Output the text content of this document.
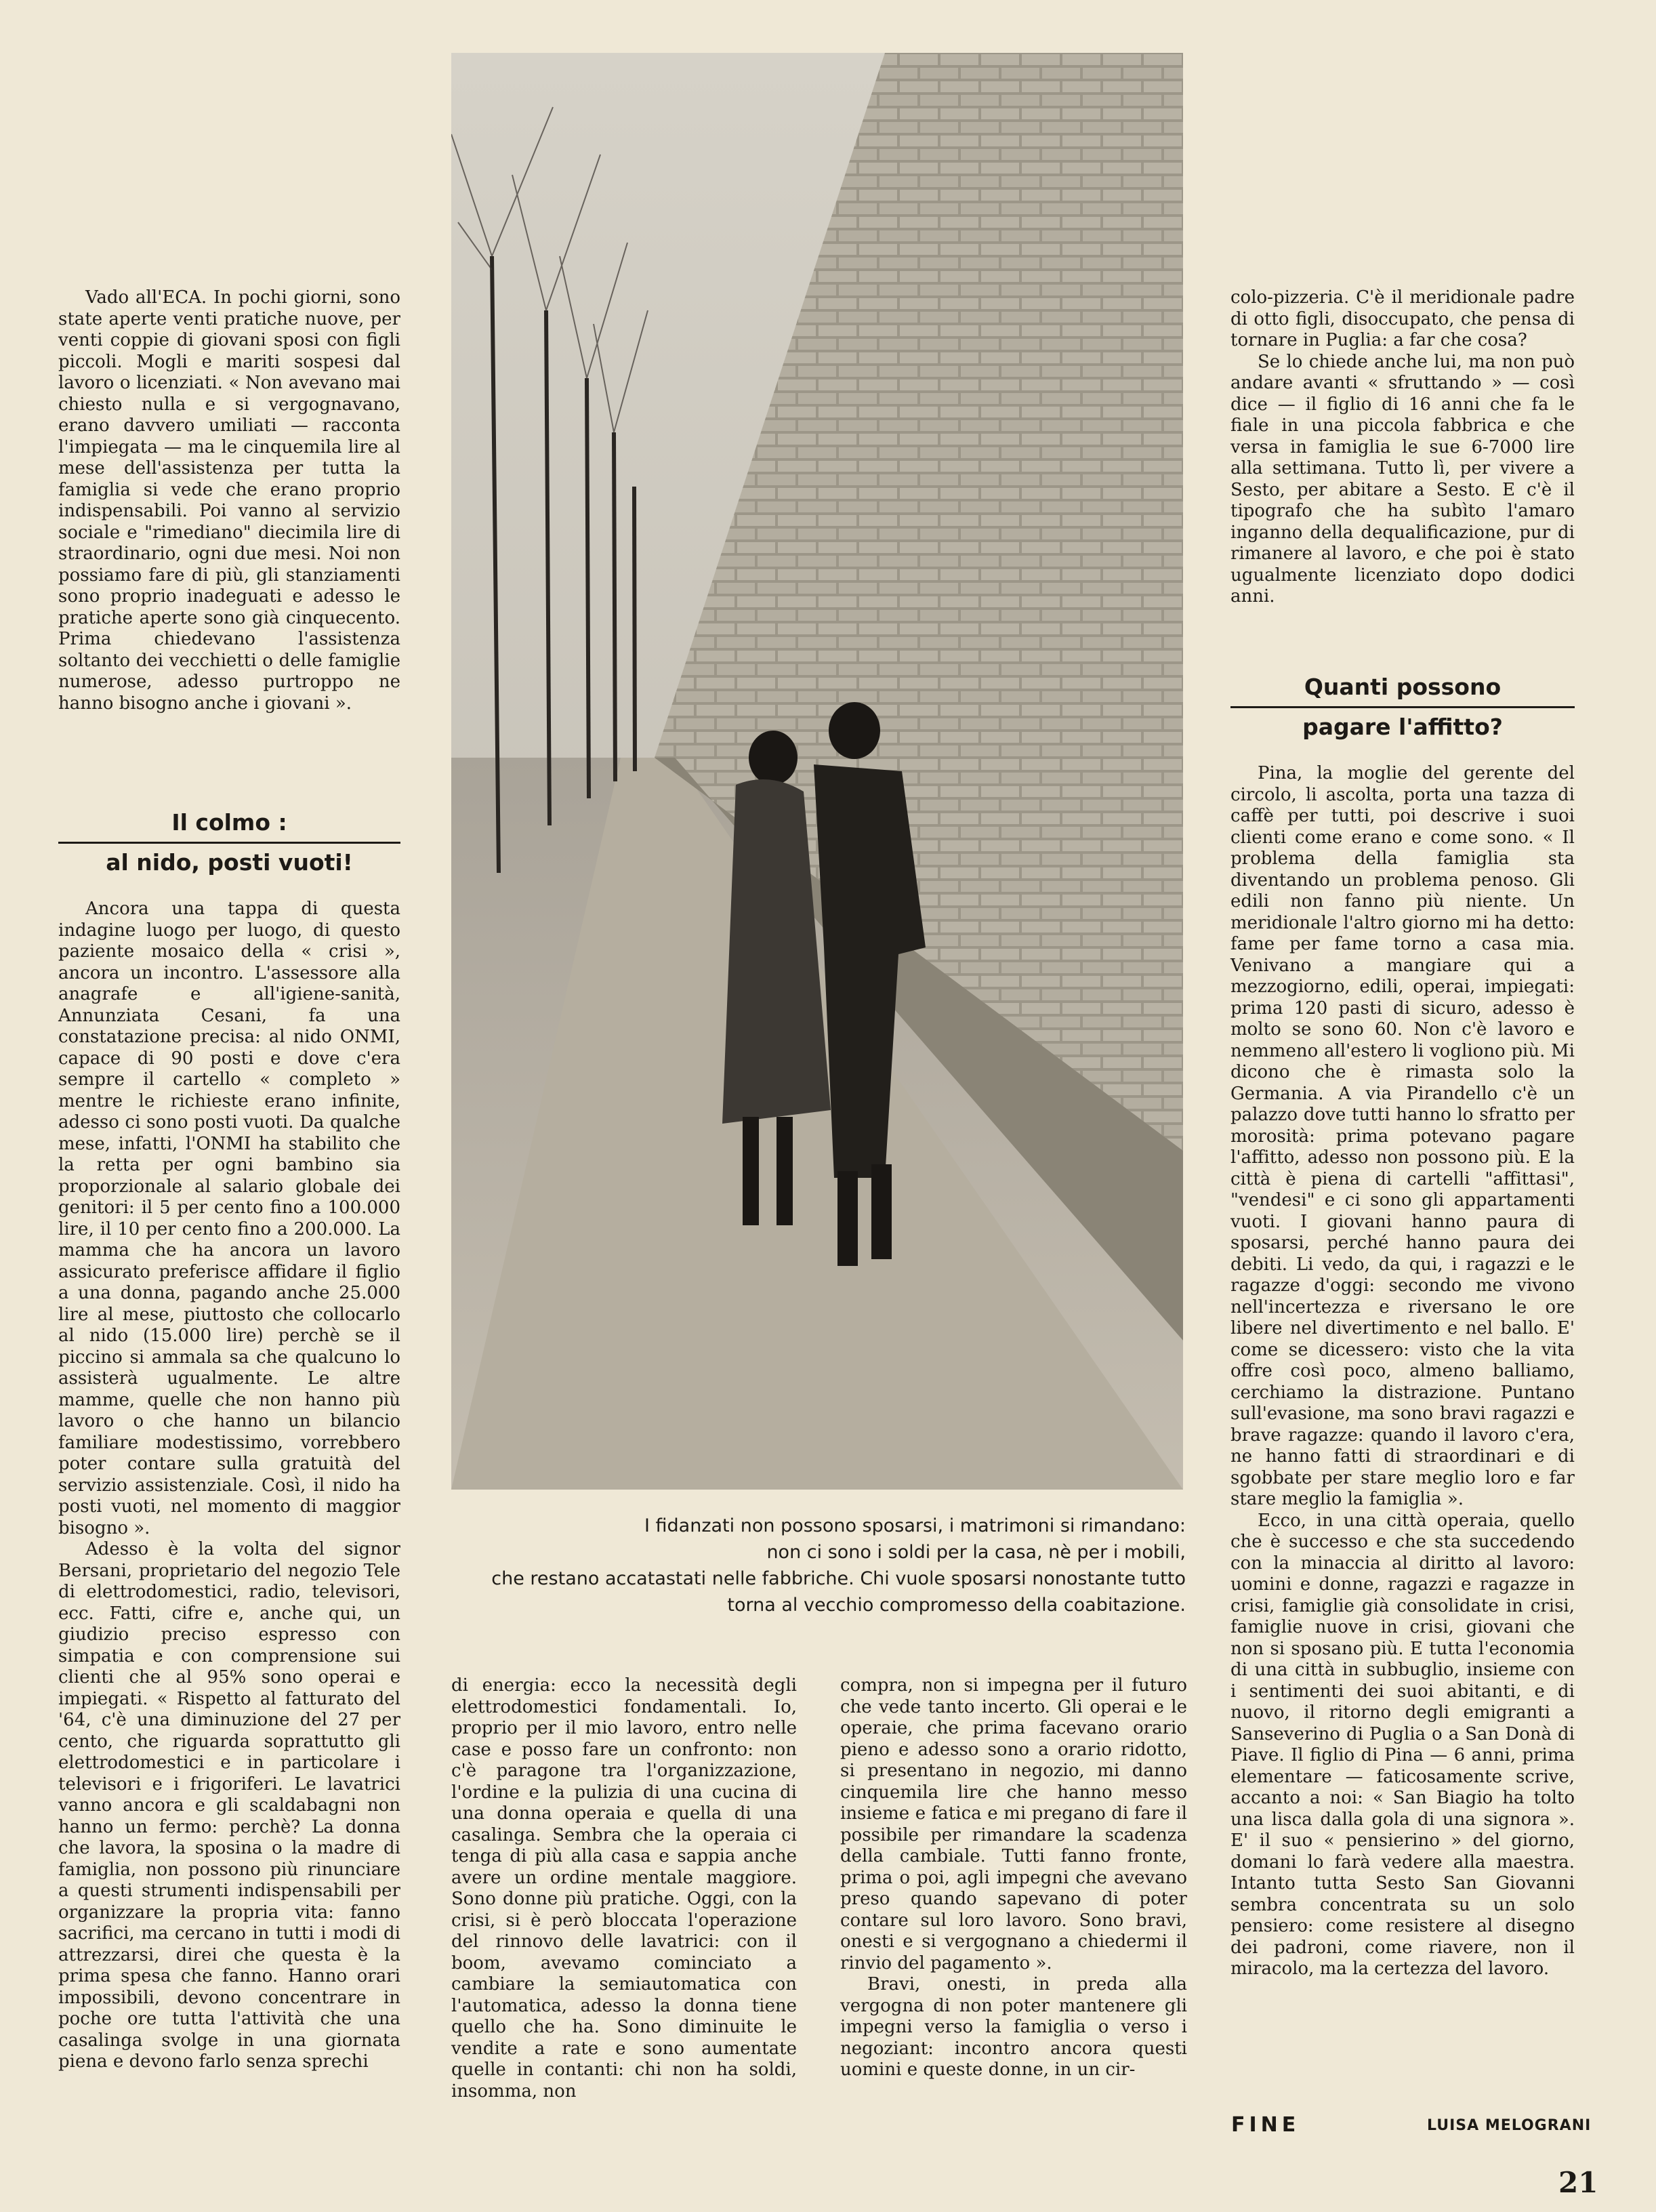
Vado all'ECA. In pochi giorni, sono state aperte venti pratiche nuove, per venti coppie di giovani sposi con figli piccoli. Mogli e mariti sospesi dal lavoro o licenziati. « Non avevano mai chiesto nulla e si vergognavano, erano davvero umiliati — racconta l'impiegata — ma le cinquemila lire al mese dell'assistenza per tutta la famiglia si vede che erano proprio indispensabili. Poi vanno al servizio sociale e "rimediano" diecimila lire di straordinario, ogni due mesi. Noi non possiamo fare di più, gli stanziamenti sono proprio inadeguati e adesso le pratiche aperte sono già cinquecento. Prima chiedevano l'assistenza soltanto dei vecchietti o delle famiglie numerose, adesso purtroppo ne hanno bisogno anche i giovani ».

Il colmo :
al nido, posti vuoti!

Ancora una tappa di questa indagine luogo per luogo, di questo paziente mosaico della « crisi », ancora un incontro. L'assessore alla anagrafe e all'igiene-sanità, Annunziata Cesani, fa una constatazione precisa: al nido ONMI, capace di 90 posti e dove c'era sempre il cartello « completo » mentre le richieste erano infinite, adesso ci sono posti vuoti. Da qualche mese, infatti, l'ONMI ha stabilito che la retta per ogni bambino sia proporzionale al salario globale dei genitori: il 5 per cento fino a 100.000 lire, il 10 per cento fino a 200.000. La mamma che ha ancora un lavoro assicurato preferisce affidare il figlio a una donna, pagando anche 25.000 lire al mese, piuttosto che collocarlo al nido (15.000 lire) perchè se il piccino si ammala sa che qualcuno lo assisterà ugualmente. Le altre mamme, quelle che non hanno più lavoro o che hanno un bilancio familiare modestissimo, vorrebbero poter contare sulla gratuità del servizio assistenziale. Così, il nido ha posti vuoti, nel momento di maggior bisogno ».

Adesso è la volta del signor Bersani, proprietario del negozio Tele di elettrodomestici, radio, televisori, ecc. Fatti, cifre e, anche qui, un giudizio preciso espresso con simpatia e con comprensione sui clienti che al 95% sono operai e impiegati. « Rispetto al fatturato del '64, c'è una diminuzione del 27 per cento, che riguarda soprattutto gli elettrodomestici e in particolare i televisori e i frigoriferi. Le lavatrici vanno ancora e gli scaldabagni non hanno un fermo: perchè? La donna che lavora, la sposina o la madre di famiglia, non possono più rinunciare a questi strumenti indispensabili per organizzare la propria vita: fanno sacrifici, ma cercano in tutti i modi di attrezzarsi, direi che questa è la prima spesa che fanno. Hanno orari impossibili, devono concentrare in poche ore tutta l'attività che una casalinga svolge in una giornata piena e devono farlo senza sprechi

I fidanzati non possono sposarsi, i matrimoni si rimandano:
non ci sono i soldi per la casa, nè per i mobili,
che restano accatastati nelle fabbriche. Chi vuole sposarsi nonostante tutto
torna al vecchio compromesso della coabitazione.

di energia: ecco la necessità degli elettrodomestici fondamentali. Io, proprio per il mio lavoro, entro nelle case e posso fare un confronto: non c'è paragone tra l'organizzazione, l'ordine e la pulizia di una cucina di una donna operaia e quella di una casalinga. Sembra che la operaia ci tenga di più alla casa e sappia anche avere un ordine mentale maggiore. Sono donne più pratiche. Oggi, con la crisi, si è però bloccata l'operazione del rinnovo delle lavatrici: con il boom, avevamo cominciato a cambiare la semiautomatica con l'automatica, adesso la donna tiene quello che ha. Sono diminuite le vendite a rate e sono aumentate quelle in contanti: chi non ha soldi, insomma, non

compra, non si impegna per il futuro che vede tanto incerto. Gli operai e le operaie, che prima facevano orario pieno e adesso sono a orario ridotto, si presentano in negozio, mi danno cinquemila lire che hanno messo insieme e fatica e mi pregano di fare il possibile per rimandare la scadenza della cambiale. Tutti fanno fronte, prima o poi, agli impegni che avevano preso quando sapevano di poter contare sul loro lavoro. Sono bravi, onesti e si vergognano a chiedermi il rinvio del pagamento ».

Bravi, onesti, in preda alla vergogna di non poter mantenere gli impegni verso la famiglia o verso i negoziant: incontro ancora questi uomini e queste donne, in un cir-

colo-pizzeria. C'è il meridionale padre di otto figli, disoccupato, che pensa di tornare in Puglia: a far che cosa?

Se lo chiede anche lui, ma non può andare avanti « sfruttando » — così dice — il figlio di 16 anni che fa le fiale in una piccola fabbrica e che versa in famiglia le sue 6-7000 lire alla settimana. Tutto lì, per vivere a Sesto, per abitare a Sesto. E c'è il tipografo che ha subìto l'amaro inganno della dequalificazione, pur di rimanere al lavoro, e che poi è stato ugualmente licenziato dopo dodici anni.

Quanti possono
pagare l'affitto?

Pina, la moglie del gerente del circolo, li ascolta, porta una tazza di caffè per tutti, poi descrive i suoi clienti come erano e come sono. « Il problema della famiglia sta diventando un problema penoso. Gli edili non fanno più niente. Un meridionale l'altro giorno mi ha detto: fame per fame torno a casa mia. Venivano a mangiare qui a mezzogiorno, edili, operai, impiegati: prima 120 pasti di sicuro, adesso è molto se sono 60. Non c'è lavoro e nemmeno all'estero li vogliono più. Mi dicono che è rimasta solo la Germania. A via Pirandello c'è un palazzo dove tutti hanno lo sfratto per morosità: prima potevano pagare l'affitto, adesso non possono più. E la città è piena di cartelli "affittasi", "vendesi" e ci sono gli appartamenti vuoti. I giovani hanno paura di sposarsi, perché hanno paura dei debiti. Li vedo, da qui, i ragazzi e le ragazze d'oggi: secondo me vivono nell'incertezza e riversano le ore libere nel divertimento e nel ballo. E' come se dicessero: visto che la vita offre così poco, almeno balliamo, cerchiamo la distrazione. Puntano sull'evasione, ma sono bravi ragazzi e brave ragazze: quando il lavoro c'era, ne hanno fatti di straordinari e di sgobbate per stare meglio loro e far stare meglio la famiglia ».

Ecco, in una città operaia, quello che è successo e che sta succedendo con la minaccia al diritto al lavoro: uomini e donne, ragazzi e ragazze in crisi, famiglie già consolidate in crisi, famiglie nuove in crisi, giovani che non si sposano più. E tutta l'economia di una città in subbuglio, insieme con i sentimenti dei suoi abitanti, e di nuovo, il ritorno degli emigranti a Sanseverino di Puglia o a San Donà di Piave. Il figlio di Pina — 6 anni, prima elementare — faticosamente scrive, accanto a noi: « San Biagio ha tolto una lisca dalla gola di una signora ». E' il suo « pensierino » del giorno, domani lo farà vedere alla maestra. Intanto tutta Sesto San Giovanni sembra concentrata su un solo pensiero: come resistere al disegno dei padroni, come riavere, non il miracolo, ma la certezza del lavoro.

FINE	LUISA MELOGRANI
21
